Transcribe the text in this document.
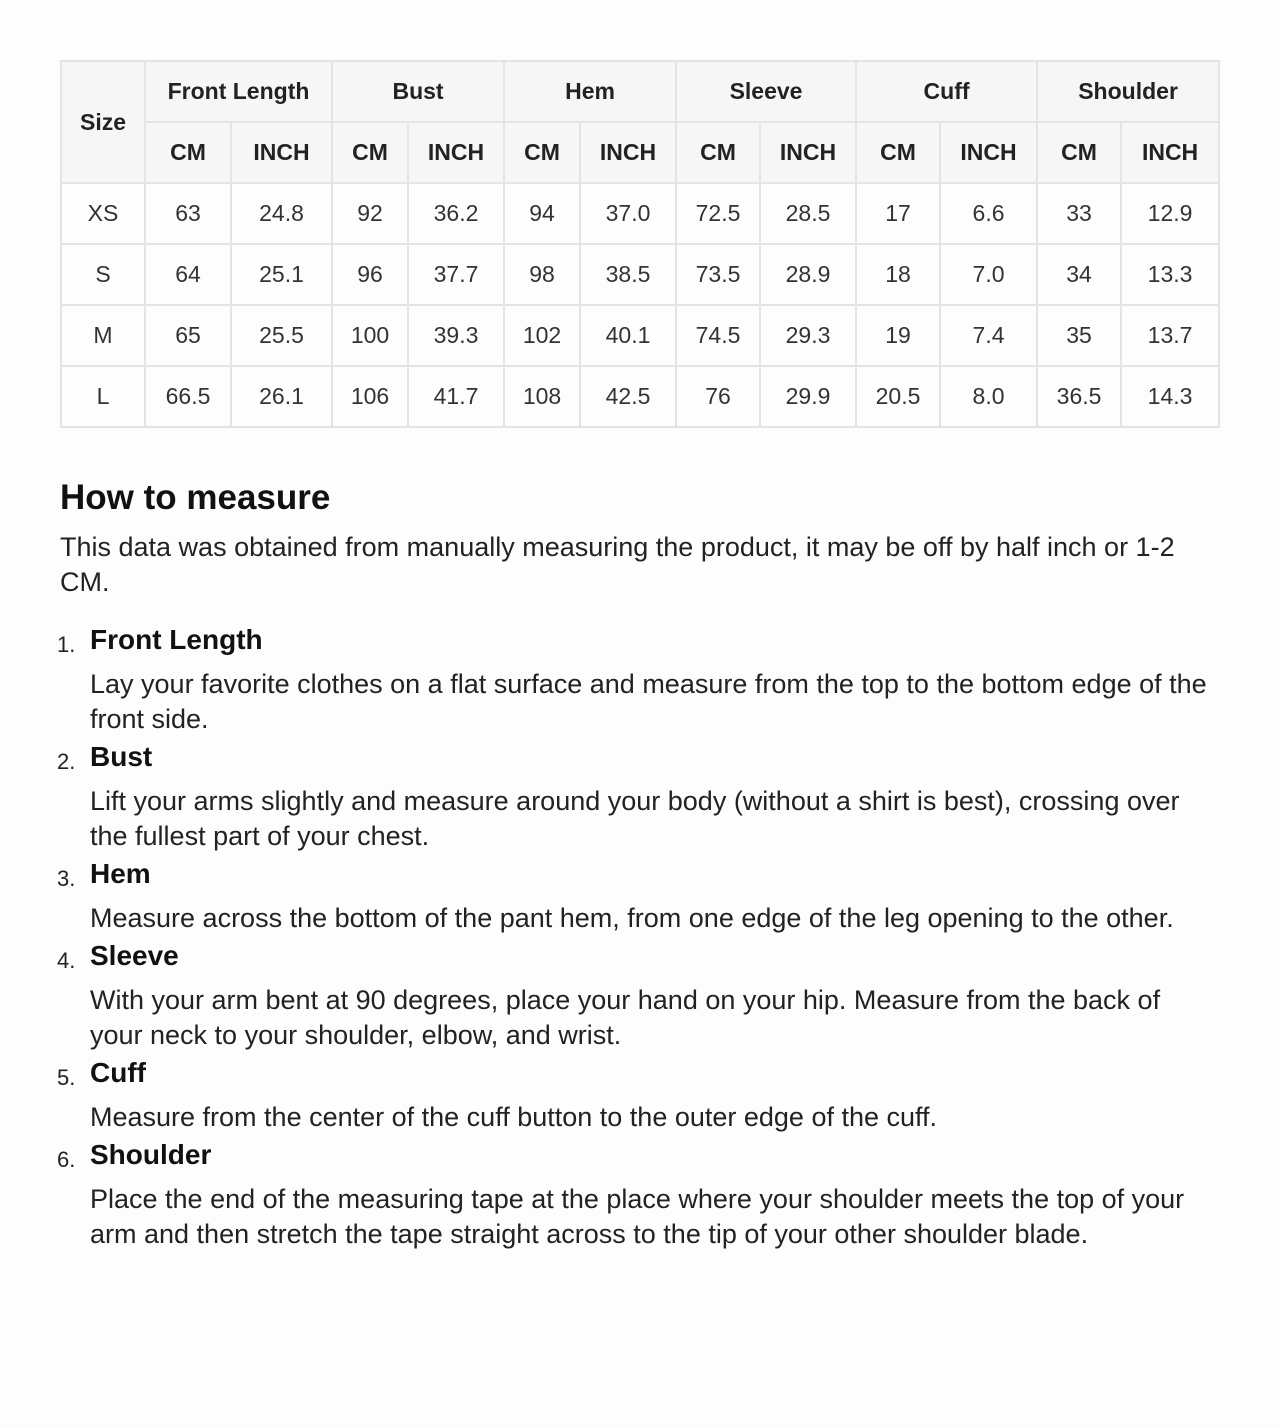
Size	Front Length		Bust		Hem		Sleeve		Cuff		Shoulder	
	CM	INCH	CM	INCH	CM	INCH	CM	INCH	CM	INCH	CM	INCH
XS	63	24.8	92	36.2	94	37.0	72.5	28.5	17	6.6	33	12.9
S	64	25.1	96	37.7	98	38.5	73.5	28.9	18	7.0	34	13.3
M	65	25.5	100	39.3	102	40.1	74.5	29.3	19	7.4	35	13.7
L	66.5	26.1	106	41.7	108	42.5	76	29.9	20.5	8.0	36.5	14.3
How to measure

This data was obtained from manually measuring the product, it may be off by half inch or 1-2 CM.

1. Front Length
Lay your favorite clothes on a flat surface and measure from the top to the bottom edge of the front side.
2. Bust
Lift your arms slightly and measure around your body (without a shirt is best), crossing over the fullest part of your chest.
3. Hem
Measure across the bottom of the pant hem, from one edge of the leg opening to the other.
4. Sleeve
With your arm bent at 90 degrees, place your hand on your hip. Measure from the back of your neck to your shoulder, elbow, and wrist.
5. Cuff
Measure from the center of the cuff button to the outer edge of the cuff.
6. Shoulder
Place the end of the measuring tape at the place where your shoulder meets the top of your arm and then stretch the tape straight across to the tip of your other shoulder blade.
